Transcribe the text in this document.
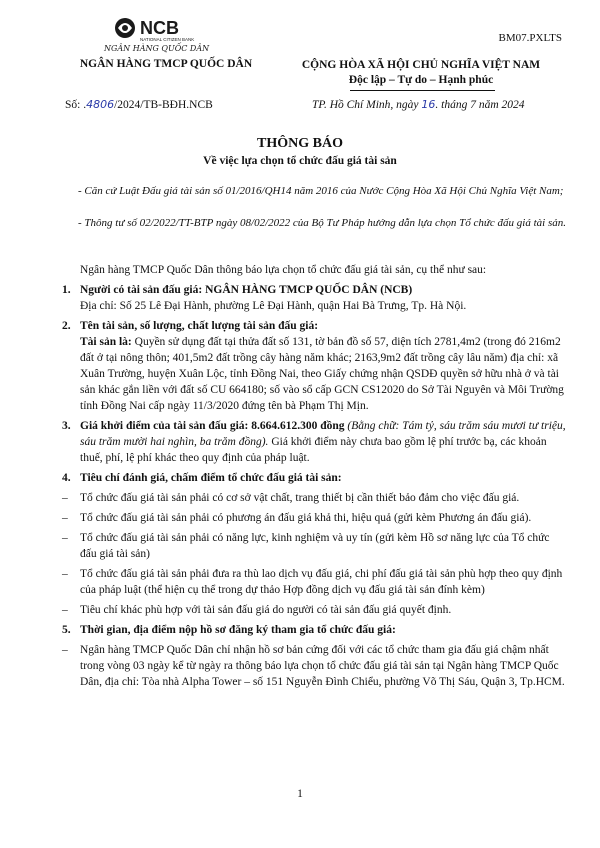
BM07.PXLTS
NCB
NATIONAL CITIZEN BANK
NGÂN HÀNG QUỐC DÂN
NGÂN HÀNG TMCP QUỐC DÂN	CỘNG HÒA XÃ HỘI CHỦ NGHĨA VIỆT NAM
Độc lập – Tự do – Hạnh phúc
Số: .4806/2024/TB-BĐH.NCB	TP. Hồ Chí Minh, ngày 16. tháng 7 năm 2024
THÔNG BÁO
Về việc lựa chọn tổ chức đấu giá tài sản
- Căn cứ Luật Đấu giá tài sản số 01/2016/QH14 năm 2016 của Nước Cộng Hòa Xã Hội Chủ Nghĩa Việt Nam;
- Thông tư số 02/2022/TT-BTP ngày 08/02/2022 của Bộ Tư Pháp hướng dẫn lựa chọn Tổ chức đấu giá tài sản.
Ngân hàng TMCP Quốc Dân thông báo lựa chọn tổ chức đấu giá tài sản, cụ thể như sau:
1. Người có tài sản đấu giá: NGÂN HÀNG TMCP QUỐC DÂN (NCB)
Địa chỉ: Số 25 Lê Đại Hành, phường Lê Đại Hành, quận Hai Bà Trưng, Tp. Hà Nội.
2. Tên tài sản, số lượng, chất lượng tài sản đấu giá:
Tài sản là: Quyền sử dụng đất tại thửa đất số 131, tờ bản đồ số 57, diện tích 2781,4m2 (trong đó 216m2 đất ở tại nông thôn; 401,5m2 đất trồng cây hàng năm khác; 2163,9m2 đất trồng cây lâu năm) địa chỉ: xã Xuân Trường, huyện Xuân Lộc, tỉnh Đồng Nai, theo Giấy chứng nhận QSDĐ quyền sở hữu nhà ở và tài sản khác gắn liền với đất số CU 664180; số vào sổ cấp GCN CS12020 do Sở Tài Nguyên và Môi Trường tỉnh Đồng Nai cấp ngày 11/3/2020 đứng tên bà Phạm Thị Mịn.
3. Giá khởi điểm của tài sản đấu giá: 8.664.612.300 đồng (Bằng chữ: Tám tỷ, sáu trăm sáu mươi tư triệu, sáu trăm mười hai nghìn, ba trăm đồng). Giá khởi điểm này chưa bao gồm lệ phí trước bạ, các khoản thuế, phí, lệ phí khác theo quy định của pháp luật.
4. Tiêu chí đánh giá, chấm điểm tổ chức đấu giá tài sản:
–	Tổ chức đấu giá tài sản phải có cơ sở vật chất, trang thiết bị cần thiết bảo đảm cho việc đấu giá.
–	Tổ chức đấu giá tài sản phải có phương án đấu giá khả thi, hiệu quả (gửi kèm Phương án đấu giá).
–	Tổ chức đấu giá tài sản phải có năng lực, kinh nghiệm và uy tín (gửi kèm Hồ sơ năng lực của Tổ chức đấu giá tài sản)
–	Tổ chức đấu giá tài sản phải đưa ra thù lao dịch vụ đấu giá, chi phí đấu giá tài sản phù hợp theo quy định của pháp luật (thể hiện cụ thể trong dự thảo Hợp đồng dịch vụ đấu giá tài sản đính kèm)
–	Tiêu chí khác phù hợp với tài sản đấu giá do người có tài sản đấu giá quyết định.
5. Thời gian, địa điểm nộp hồ sơ đăng ký tham gia tổ chức đấu giá:
–	Ngân hàng TMCP Quốc Dân chỉ nhận hồ sơ bản cứng đối với các tổ chức tham gia đấu giá chậm nhất trong vòng 03 ngày kể từ ngày ra thông báo lựa chọn tổ chức đấu giá tài sản tại Ngân hàng TMCP Quốc Dân, địa chỉ: Tòa nhà Alpha Tower – số 151 Nguyễn Đình Chiểu, phường Võ Thị Sáu, Quận 3, Tp.HCM.
1
